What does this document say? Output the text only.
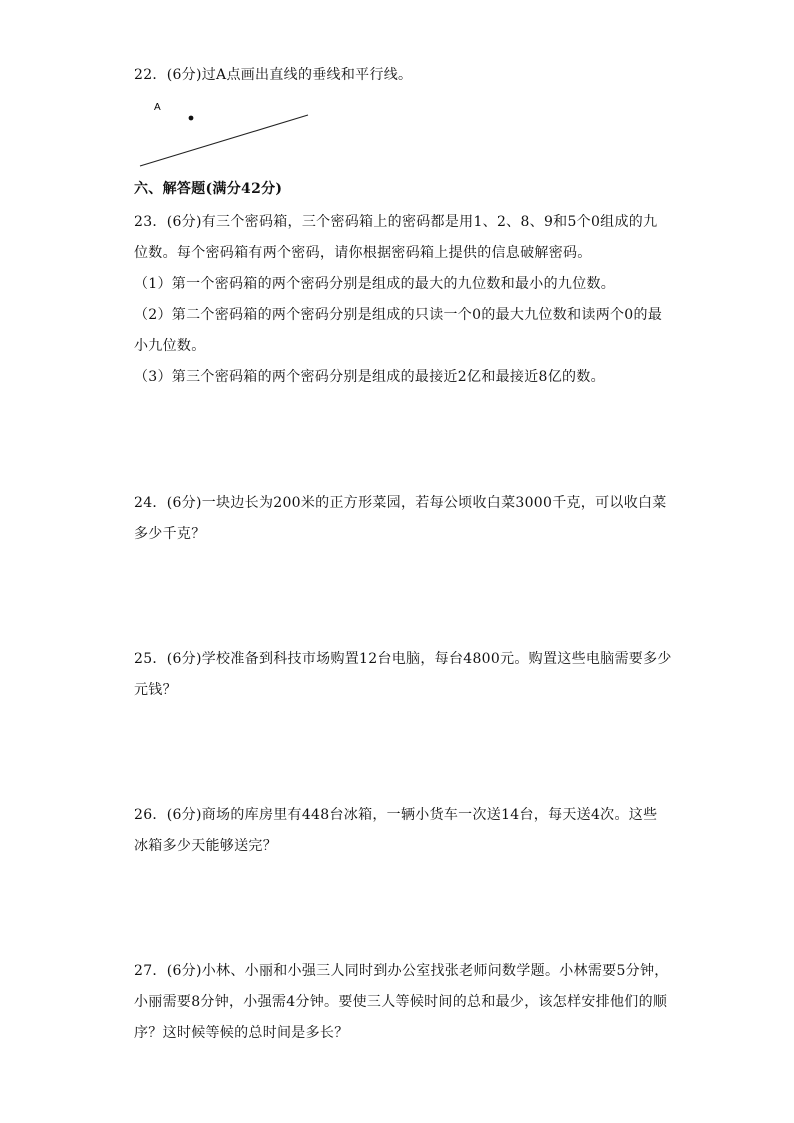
22．(6分)过A点画出直线的垂线和平行线。
A
六、解答题(满分42分)
23．(6分)有三个密码箱，三个密码箱上的密码都是用1、2、8、9和5个0组成的九
位数。每个密码箱有两个密码，请你根据密码箱上提供的信息破解密码。
（1）第一个密码箱的两个密码分别是组成的最大的九位数和最小的九位数。
（2）第二个密码箱的两个密码分别是组成的只读一个0的最大九位数和读两个0的最
小九位数。
（3）第三个密码箱的两个密码分别是组成的最接近2亿和最接近8亿的数。
24．(6分)一块边长为200米的正方形菜园，若每公顷收白菜3000千克，可以收白菜
多少千克？
25．(6分)学校准备到科技市场购置12台电脑，每台4800元。购置这些电脑需要多少
元钱？
26．(6分)商场的库房里有448台冰箱，一辆小货车一次送14台，每天送4次。这些
冰箱多少天能够送完？
27．(6分)小林、小丽和小强三人同时到办公室找张老师问数学题。小林需要5分钟，
小丽需要8分钟，小强需4分钟。要使三人等候时间的总和最少，该怎样安排他们的顺
序？这时候等候的总时间是多长？
